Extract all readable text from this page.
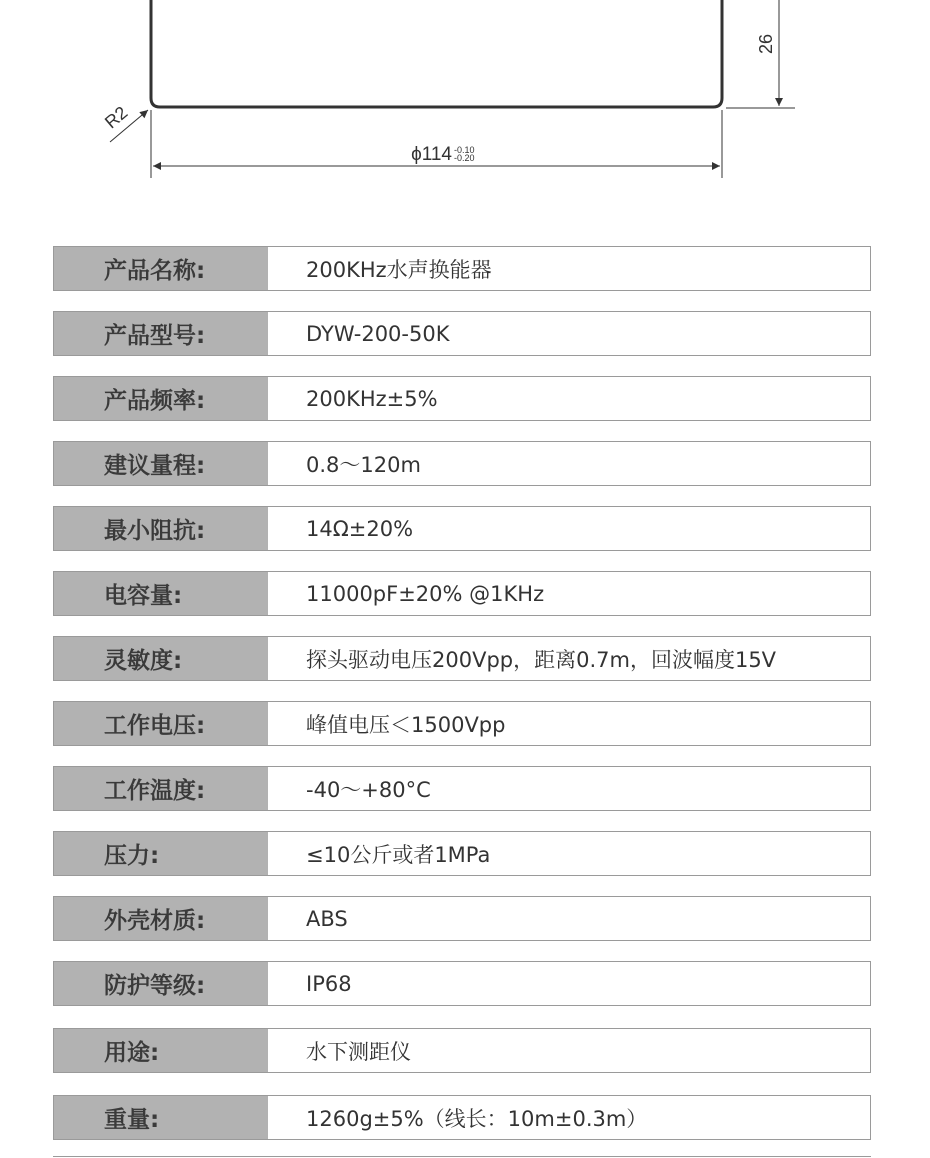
26
R2
ϕ114 -0.10
-0.20
产品名称:	200KHz水声换能器
产品型号:	DYW-200-50K
产品频率:	200KHz±5%
建议量程:	0.8～120m
最小阻抗:	14Ω±20%
电容量:	11000pF±20% @1KHz
灵敏度:	探头驱动电压200Vpp，距离0.7m，回波幅度15V
工作电压:	峰值电压＜1500Vpp
工作温度:	-40～+80°C
压力:	≤10公斤或者1MPa
外壳材质:	ABS
防护等级:	IP68
用途:	水下测距仪
重量:	1260g±5%（线长：10m±0.3m）
